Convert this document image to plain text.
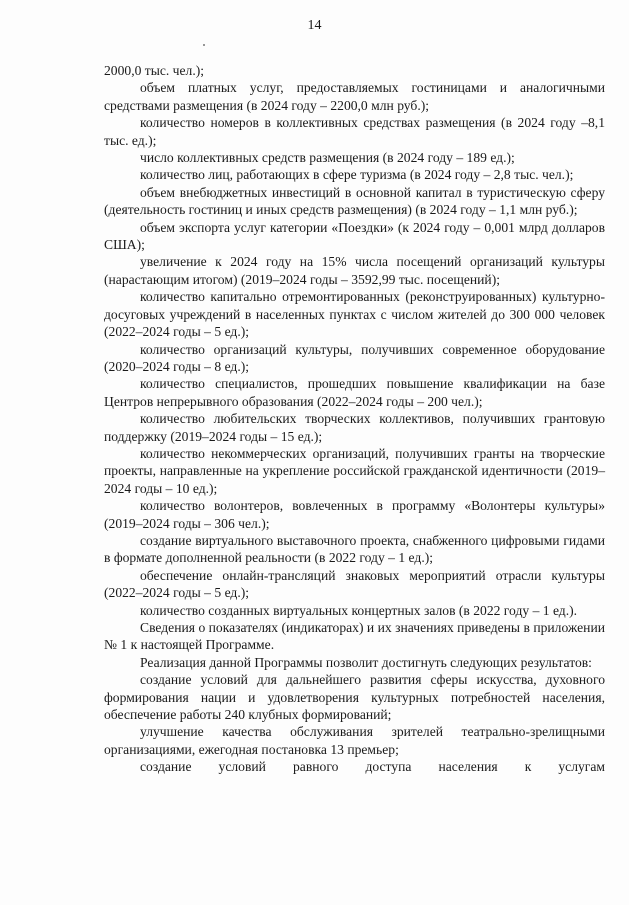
14

2000,0 тыс. чел.);

объем платных услуг, предоставляемых гостиницами и аналогичными средствами размещения (в 2024 году – 2200,0 млн руб.);

количество номеров в коллективных средствах размещения (в 2024 году –8,1 тыс. ед.);

число коллективных средств размещения (в 2024 году – 189 ед.);

количество лиц, работающих в сфере туризма (в 2024 году – 2,8 тыс. чел.);

объем внебюджетных инвестиций в основной капитал в туристическую сферу (деятельность гостиниц и иных средств размещения) (в 2024 году – 1,1 млн руб.);

объем экспорта услуг категории «Поездки» (к 2024 году – 0,001 млрд долларов США);

увеличение к 2024 году на 15% числа посещений организаций культуры (нарастающим итогом) (2019–2024 годы – 3592,99 тыс. посещений);

количество капитально отремонтированных (реконструированных) культурно-досуговых учреждений в населенных пунктах с числом жителей до 300 000 человек (2022–2024 годы – 5 ед.);

количество организаций культуры, получивших современное оборудование (2020–2024 годы – 8 ед.);

количество специалистов, прошедших повышение квалификации на базе Центров непрерывного образования (2022–2024 годы – 200 чел.);

количество любительских творческих коллективов, получивших грантовую поддержку (2019–2024 годы – 15 ед.);

количество некоммерческих организаций, получивших гранты на творческие проекты, направленные на укрепление российской гражданской идентичности (2019–2024 годы – 10 ед.);

количество волонтеров, вовлеченных в программу «Волонтеры культуры» (2019–2024 годы – 306 чел.);

создание виртуального выставочного проекта, снабженного цифровыми гидами в формате дополненной реальности (в 2022 году – 1 ед.);

обеспечение онлайн-трансляций знаковых мероприятий отрасли культуры (2022–2024 годы – 5 ед.);

количество созданных виртуальных концертных залов (в 2022 году – 1 ед.).

Сведения о показателях (индикаторах) и их значениях приведены в приложении № 1 к настоящей Программе.

Реализация данной Программы позволит достигнуть следующих результатов:

создание условий для дальнейшего развития сферы искусства, духовного формирования нации и удовлетворения культурных потребностей населения, обеспечение работы 240 клубных формирований;

улучшение качества обслуживания зрителей театрально-зрелищными организациями, ежегодная постановка 13 премьер;

создание условий равного доступа населения к услугам
